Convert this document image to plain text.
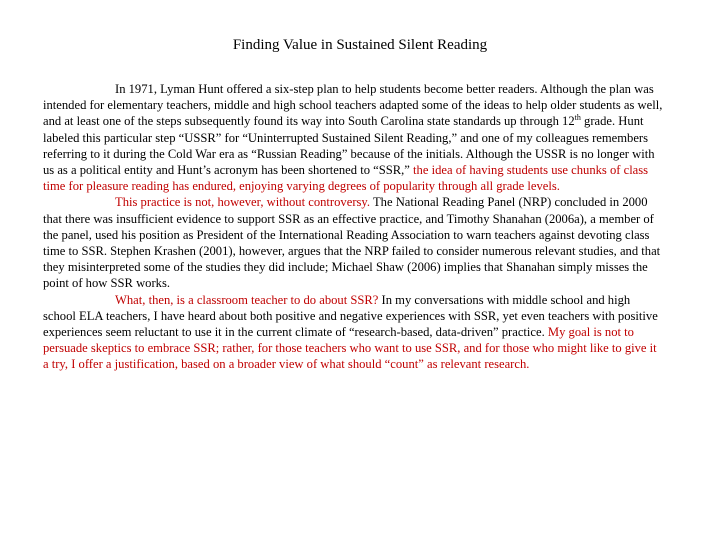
Finding Value in Sustained Silent Reading

In 1971, Lyman Hunt offered a six-step plan to help students become better readers. Although the plan was intended for elementary teachers, middle and high school teachers adapted some of the ideas to help older students as well, and at least one of the steps subsequently found its way into South Carolina state standards up through 12th grade. Hunt labeled this particular step “USSR” for “Uninterrupted Sustained Silent Reading,” and one of my colleagues remembers referring to it during the Cold War era as “Russian Reading” because of the initials. Although the USSR is no longer with us as a political entity and Hunt’s acronym has been shortened to “SSR,” the idea of having students use chunks of class time for pleasure reading has endured, enjoying varying degrees of popularity through all grade levels.

This practice is not, however, without controversy. The National Reading Panel (NRP) concluded in 2000 that there was insufficient evidence to support SSR as an effective practice, and Timothy Shanahan (2006a), a member of the panel, used his position as President of the International Reading Association to warn teachers against devoting class time to SSR. Stephen Krashen (2001), however, argues that the NRP failed to consider numerous relevant studies, and that they misinterpreted some of the studies they did include; Michael Shaw (2006) implies that Shanahan simply misses the point of how SSR works.

What, then, is a classroom teacher to do about SSR? In my conversations with middle school and high school ELA teachers, I have heard about both positive and negative experiences with SSR, yet even teachers with positive experiences seem reluctant to use it in the current climate of “research-based, data-driven” practice. My goal is not to persuade skeptics to embrace SSR; rather, for those teachers who want to use SSR, and for those who might like to give it a try, I offer a justification, based on a broader view of what should “count” as relevant research.
